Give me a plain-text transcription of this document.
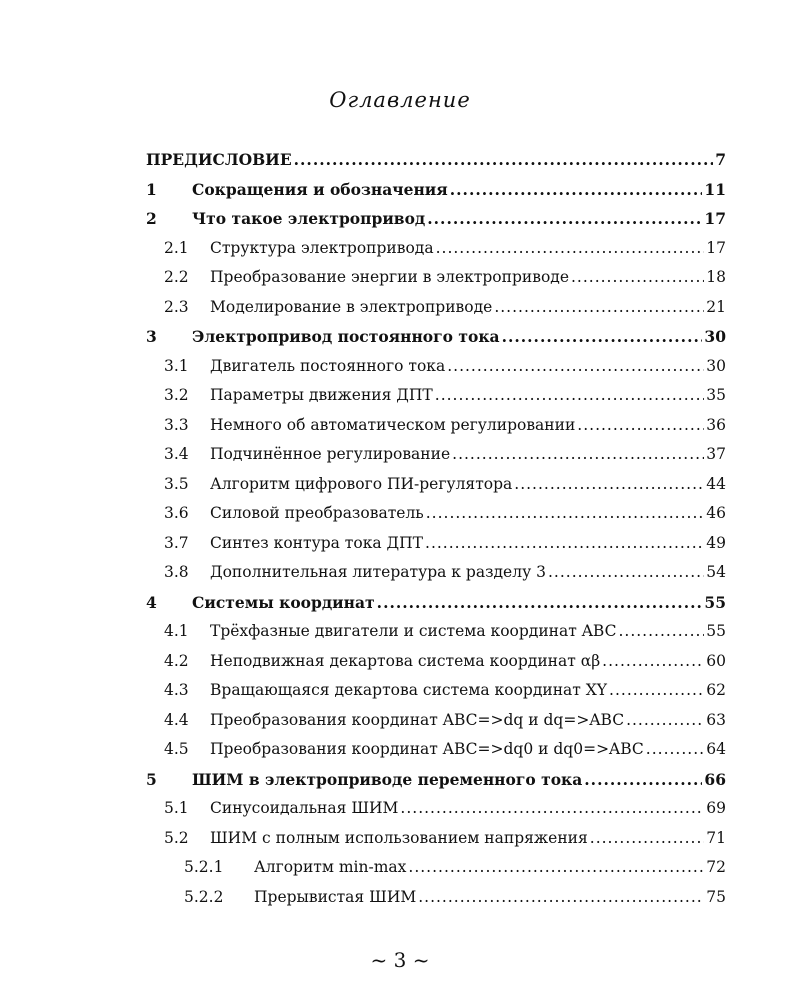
Оглавление
ПРЕДИСЛОВИЕ .....	7
1	Сокращения и обозначения .....	11
2	Что такое электропривод .....	17
2.1	Структура электропривода .....	17
2.2	Преобразование энергии в электроприводе .....	18
2.3	Моделирование в электроприводе .....	21
3	Электропривод постоянного тока .....	30
3.1	Двигатель постоянного тока .....	30
3.2	Параметры движения ДПТ .....	35
3.3	Немного об автоматическом регулировании .....	36
3.4	Подчинённое регулирование .....	37
3.5	Алгоритм цифрового ПИ-регулятора .....	44
3.6	Силовой преобразователь .....	46
3.7	Синтез контура тока ДПТ .....	49
3.8	Дополнительная литература к разделу 3 .....	54
4	Системы координат .....	55
4.1	Трёхфазные двигатели и система координат ABC .....	55
4.2	Неподвижная декартова система координат αβ .....	60
4.3	Вращающаяся декартова система координат XY .....	62
4.4	Преобразования координат ABC=>dq и dq=>ABC .....	63
4.5	Преобразования координат ABC=>dq0 и dq0=>ABC .....	64
5	ШИМ в электроприводе переменного тока .....	66
5.1	Синусоидальная ШИМ .....	69
5.2	ШИМ с полным использованием напряжения .....	71
5.2.1	Алгоритм min-max .....	72
5.2.2	Прерывистая ШИМ .....	75
~ 3 ~
